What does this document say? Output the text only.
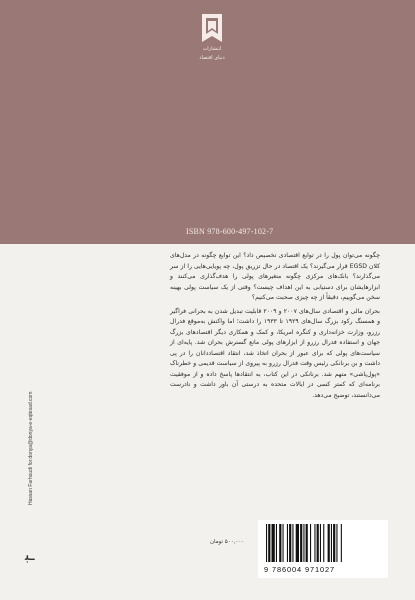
انتشارات
دنیای اقتصاد
ISBN 978-600-497-102-7

چگونه می‌توان پول را در توابع اقتصادی تخصیص داد؟ این توابع چگونه در مدل‌های کلان EGSD قرار می‌گیرند؟ یک اقتصاد در حال تزریق پول، چه پویایی‌هایی را از سر می‌گذارند؟ بانک‌های مرکزی چگونه متغیرهای پولی را هدف‌گذاری می‌کنند و ابزارهایشان برای دستیابی به این اهداف چیست؟ وقتی از یک سیاست پولی بهینه سخن می‌گوییم، دقیقاً از چه چیزی صحبت می‌کنیم؟

بحران مالی و اقتصادی سال‌های ۲۰۰۷ و ۲۰۰۹ قابلیت تبدیل شدن به بحرانی فراگیر و همسنگ رکود بزرگ سال‌های ۱۹۲۹ تا ۱۹۳۳ را داشت؛ اما واکنش به‌موقع فدرال رزرو، وزارت خزانه‌داری و کنگره امریکا، و کمک و همکاری دیگر اقتصادهای بزرگ جهان و استفاده فدرال رزرو از ابزارهای پولی مانع گسترش بحران شد. پایه‌ای از سیاست‌های پولی که برای عبور از بحران اتخاذ شد، انتقاد اقتصاددانان را در پی داشت و بن برنانکی رئیس وقت فدرال رزرو به پیروی از سیاست قدیمی و خطرناک «پول‌پاشی» متهم شد. برنانکی در این کتاب، به انتقادها پاسخ داده و از موفقیت برنامه‌ای که کمتر کسی در ایالات متحده به درستی آن باور داشت و نادرست می‌دانستند، توضیح می‌دهد.

Hassan Farhoudi for.donya@donya-e-eqtesad.com
ـﺒ
۵۰۰,۰۰۰ تومان
9 786004 971027
